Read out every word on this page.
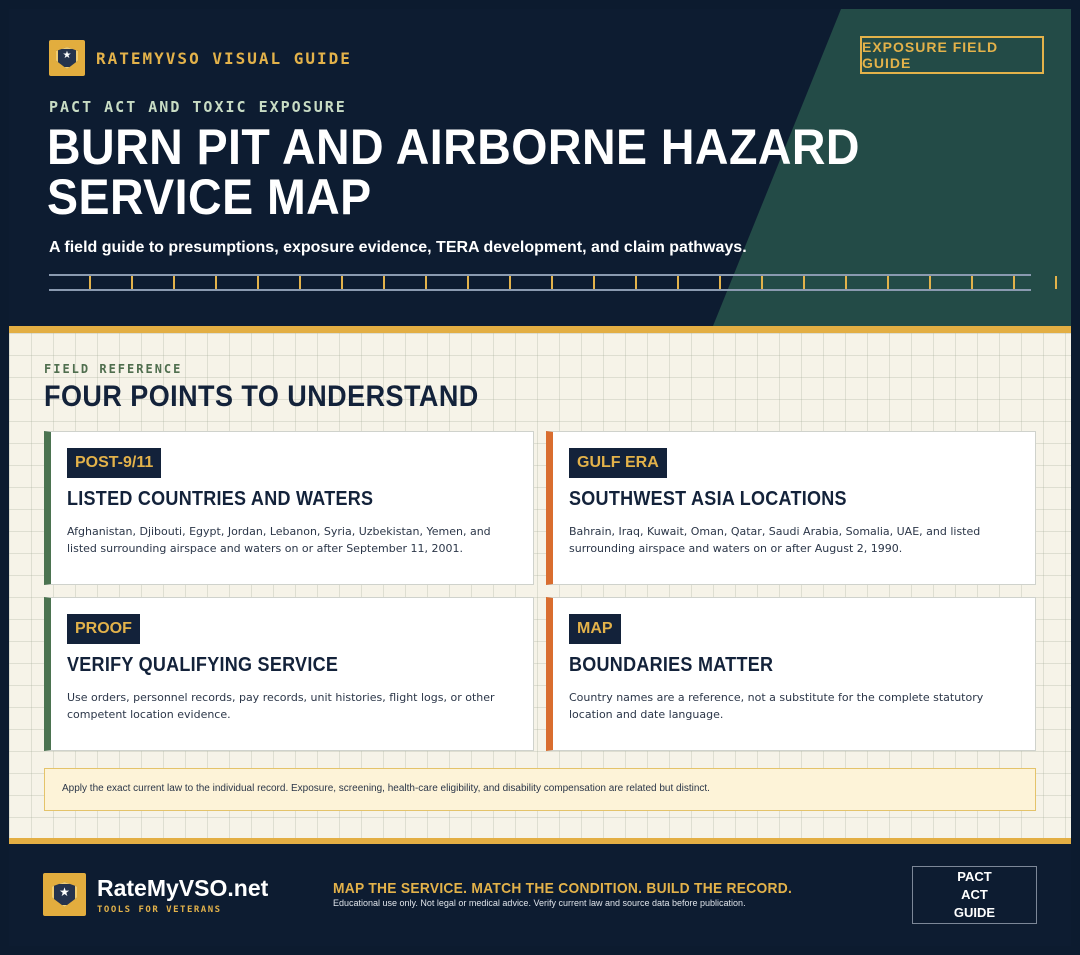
★	RATEMYVSO VISUAL GUIDE
EXPOSURE FIELD GUIDE
PACT ACT AND TOXIC EXPOSURE
BURN PIT AND AIRBORNE HAZARD SERVICE MAP
A field guide to presumptions, exposure evidence, TERA development, and claim pathways.
FIELD REFERENCE
FOUR POINTS TO UNDERSTAND
POST-9/11
LISTED COUNTRIES AND WATERS
Afghanistan, Djibouti, Egypt, Jordan, Lebanon, Syria, Uzbekistan, Yemen, and listed surrounding airspace and waters on or after September 11, 2001.
GULF ERA
SOUTHWEST ASIA LOCATIONS
Bahrain, Iraq, Kuwait, Oman, Qatar, Saudi Arabia, Somalia, UAE, and listed surrounding airspace and waters on or after August 2, 1990.
PROOF
VERIFY QUALIFYING SERVICE
Use orders, personnel records, pay records, unit histories, flight logs, or other competent location evidence.
MAP
BOUNDARIES MATTER
Country names are a reference, not a substitute for the complete statutory location and date language.
Apply the exact current law to the individual record. Exposure, screening, health-care eligibility, and disability compensation are related but distinct.
★	RateMyVSO.net
TOOLS FOR VETERANS
MAP THE SERVICE. MATCH THE CONDITION. BUILD THE RECORD.
Educational use only. Not legal or medical advice. Verify current law and source data before publication.
PACT ACT GUIDE
